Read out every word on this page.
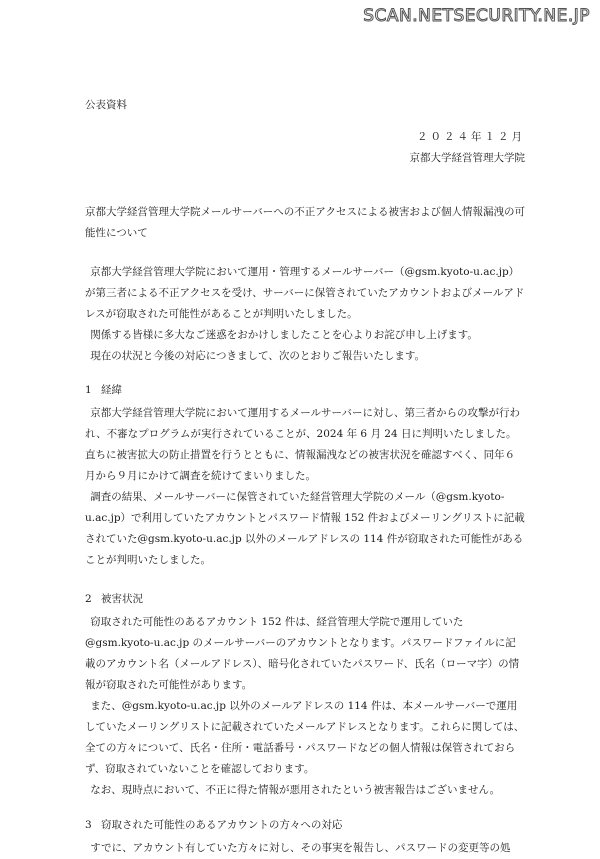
SCAN.NETSECURITY.NE.JP
公表資料
２０２４年１２月
京都大学経営管理大学院
京都大学経営管理大学院メールサーバーへの不正アクセスによる被害および個人情報漏洩の可能性について

京都大学経営管理大学院において運用・管理するメールサーバー（@gsm.kyoto-u.ac.jp）が第三者による不正アクセスを受け、サーバーに保管されていたアカウントおよびメールアドレスが窃取された可能性があることが判明いたしました。

関係する皆様に多大なご迷惑をおかけしましたことを心よりお詫び申し上げます。

現在の状況と今後の対応につきまして、次のとおりご報告いたします。

1 経緯

京都大学経営管理大学院において運用するメールサーバーに対し、第三者からの攻撃が行われ、不審なプログラムが実行されていることが、2024 年 6 月 24 日に判明いたしました。直ちに被害拡大の防止措置を行うとともに、情報漏洩などの被害状況を確認すべく、同年６月から９月にかけて調査を続けてまいりました。

調査の結果、メールサーバーに保管されていた経営管理大学院のメール（@gsm.kyoto-u.ac.jp）で利用していたアカウントとパスワード情報 152 件およびメーリングリストに記載されていた@gsm.kyoto-u.ac.jp 以外のメールアドレスの 114 件が窃取された可能性があることが判明いたしました。

2 被害状況

窃取された可能性のあるアカウント 152 件は、経営管理大学院で運用していた@gsm.kyoto-u.ac.jp のメールサーバーのアカウントとなります。パスワードファイルに記載のアカウント名（メールアドレス）、暗号化されていたパスワード、氏名（ローマ字）の情報が窃取された可能性があります。

また、@gsm.kyoto-u.ac.jp 以外のメールアドレスの 114 件は、本メールサーバーで運用していたメーリングリストに記載されていたメールアドレスとなります。これらに関しては、全ての方々について、氏名・住所・電話番号・パスワードなどの個人情報は保管されておらず、窃取されていないことを確認しております。

なお、現時点において、不正に得た情報が悪用されたという被害報告はございません。

3 窃取された可能性のあるアカウントの方々への対応

すでに、アカウント有していた方々に対し、その事実を報告し、パスワードの変更等の処
